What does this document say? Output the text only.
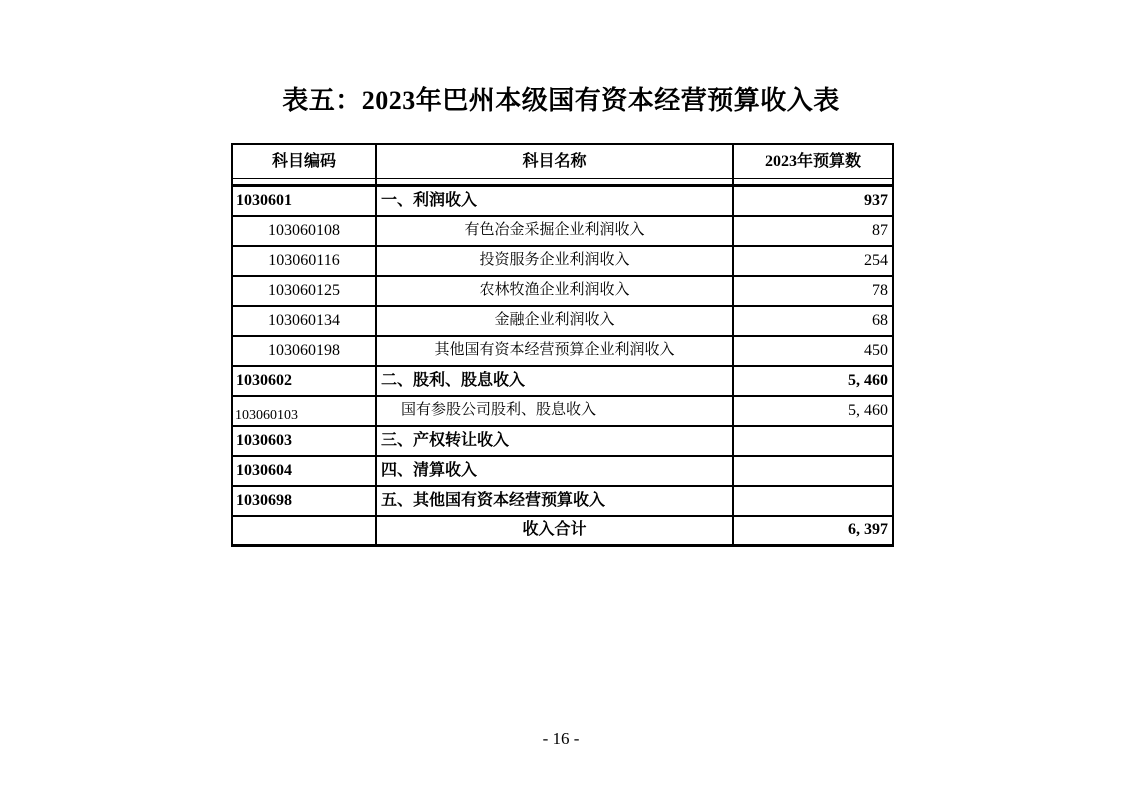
表五：2023年巴州本级国有资本经营预算收入表
科目编码	科目名称	2023年预算数

1030601	一、利润收入	937
103060108	有色冶金采掘企业利润收入	87
103060116	投资服务企业利润收入	254
103060125	农林牧渔企业利润收入	78
103060134	金融企业利润收入	68
103060198	其他国有资本经营预算企业利润收入	450
1030602	二、股利、股息收入	5, 460
103060103	国有参股公司股利、股息收入	5, 460
1030603	三、产权转让收入	
1030604	四、清算收入	
1030698	五、其他国有资本经营预算收入	
	收入合计	6, 397
- 16 -
